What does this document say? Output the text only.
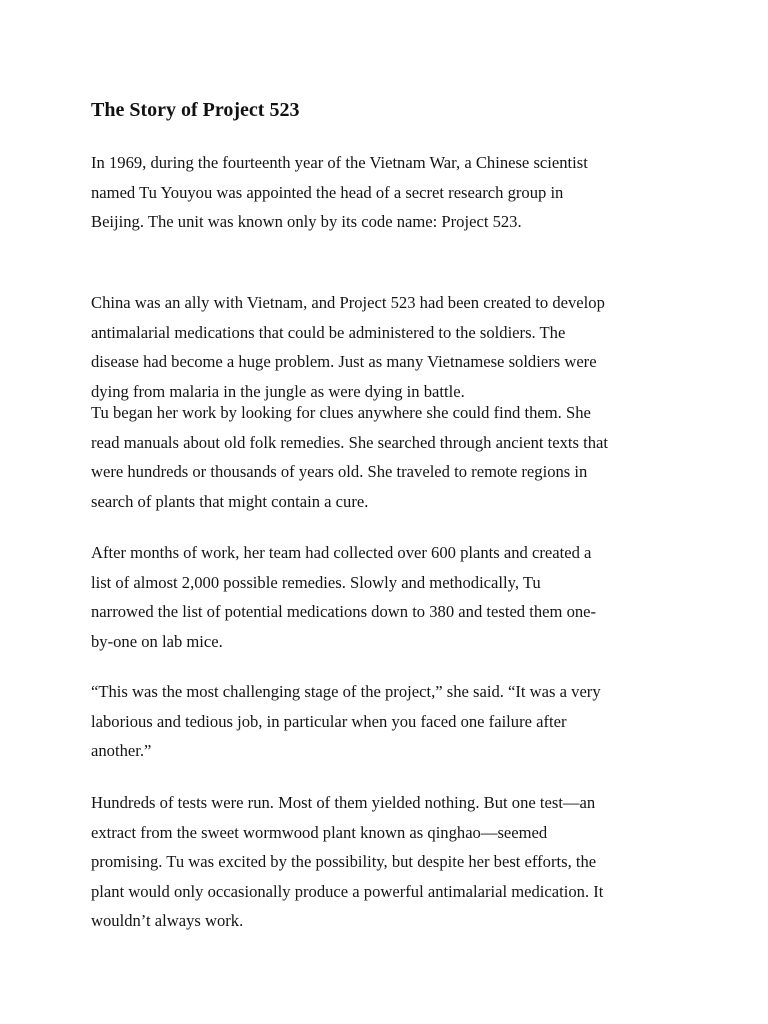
The Story of Project 523

In 1969, during the fourteenth year of the Vietnam War, a Chinese scientist
named Tu Youyou was appointed the head of a secret research group in
Beijing. The unit was known only by its code name: Project 523.

China was an ally with Vietnam, and Project 523 had been created to develop
antimalarial medications that could be administered to the soldiers. The
disease had become a huge problem. Just as many Vietnamese soldiers were
dying from malaria in the jungle as were dying in battle.

Tu began her work by looking for clues anywhere she could find them. She
read manuals about old folk remedies. She searched through ancient texts that
were hundreds or thousands of years old. She traveled to remote regions in
search of plants that might contain a cure.

After months of work, her team had collected over 600 plants and created a
list of almost 2,000 possible remedies. Slowly and methodically, Tu
narrowed the list of potential medications down to 380 and tested them one-
by-one on lab mice.

“This was the most challenging stage of the project,” she said. “It was a very
laborious and tedious job, in particular when you faced one failure after
another.”

Hundreds of tests were run. Most of them yielded nothing. But one test—an
extract from the sweet wormwood plant known as qinghao—seemed
promising. Tu was excited by the possibility, but despite her best efforts, the
plant would only occasionally produce a powerful antimalarial medication. It
wouldn’t always work.
